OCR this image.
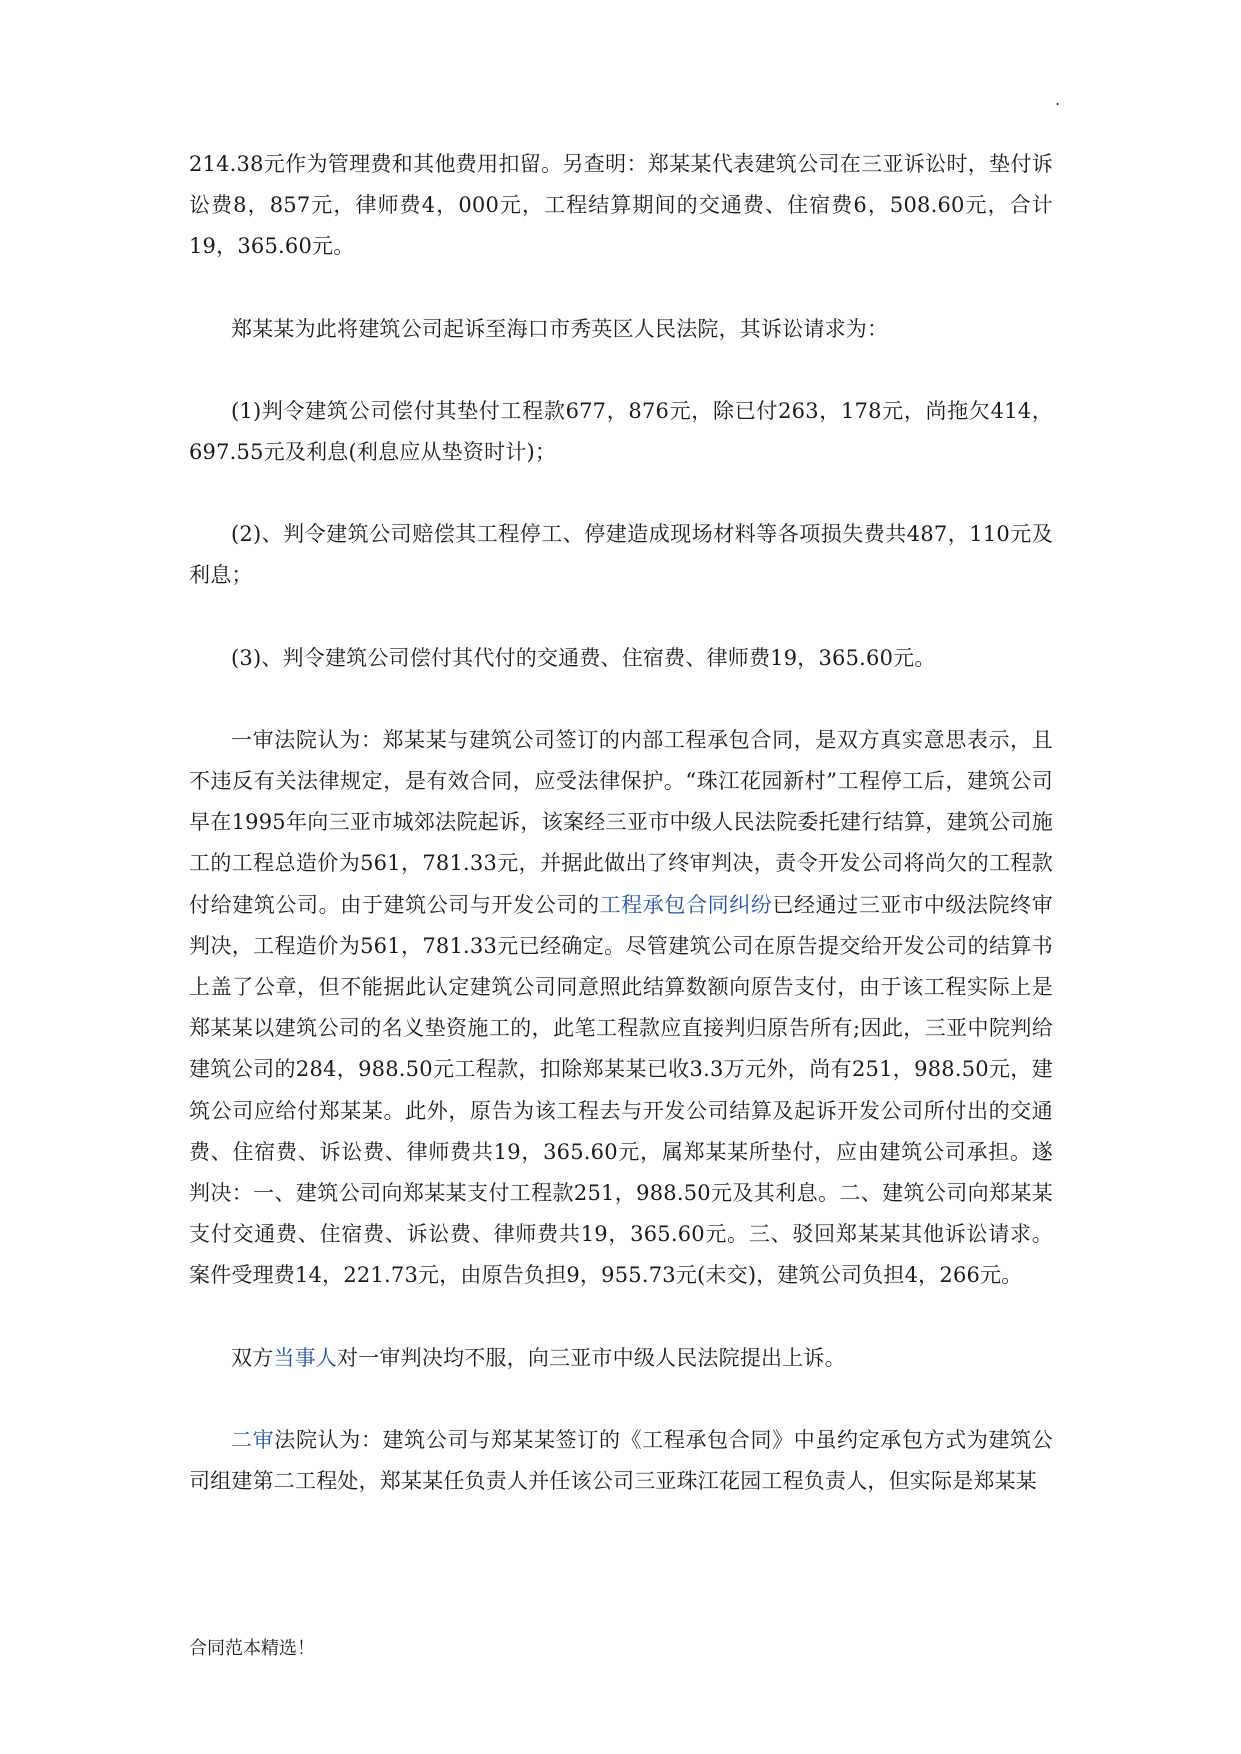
.

214.38元作为管理费和其他费用扣留。另查明：郑某某代表建筑公司在三亚诉讼时，垫付诉讼费8，857元，律师费4，000元，工程结算期间的交通费、住宿费6，508.60元，合计19，365.60元。

郑某某为此将建筑公司起诉至海口市秀英区人民法院，其诉讼请求为：

(1)判令建筑公司偿付其垫付工程款677，876元，除已付263，178元，尚拖欠414，697.55元及利息(利息应从垫资时计)；

(2)、判令建筑公司赔偿其工程停工、停建造成现场材料等各项损失费共487，110元及利息；

(3)、判令建筑公司偿付其代付的交通费、住宿费、律师费19，365.60元。

一审法院认为：郑某某与建筑公司签订的内部工程承包合同，是双方真实意思表示，且不违反有关法律规定，是有效合同，应受法律保护。“珠江花园新村”工程停工后，建筑公司早在1995年向三亚市城郊法院起诉，该案经三亚市中级人民法院委托建行结算，建筑公司施工的工程总造价为561，781.33元，并据此做出了终审判决，责令开发公司将尚欠的工程款付给建筑公司。由于建筑公司与开发公司的工程承包合同纠纷已经通过三亚市中级法院终审判决，工程造价为561，781.33元已经确定。尽管建筑公司在原告提交给开发公司的结算书上盖了公章，但不能据此认定建筑公司同意照此结算数额向原告支付，由于该工程实际上是郑某某以建筑公司的名义垫资施工的，此笔工程款应直接判归原告所有;因此，三亚中院判给建筑公司的284，988.50元工程款，扣除郑某某已收3.3万元外，尚有251，988.50元，建筑公司应给付郑某某。此外，原告为该工程去与开发公司结算及起诉开发公司所付出的交通费、住宿费、诉讼费、律师费共19，365.60元，属郑某某所垫付，应由建筑公司承担。遂判决：一、建筑公司向郑某某支付工程款251，988.50元及其利息。二、建筑公司向郑某某支付交通费、住宿费、诉讼费、律师费共19，365.60元。三、驳回郑某某其他诉讼请求。案件受理费14，221.73元，由原告负担9，955.73元(未交)，建筑公司负担4，266元。

双方当事人对一审判决均不服，向三亚市中级人民法院提出上诉。

二审法院认为：建筑公司与郑某某签订的《工程承包合同》中虽约定承包方式为建筑公司组建第二工程处，郑某某任负责人并任该公司三亚珠江花园工程负责人，但实际是郑某某

合同范本精选！
